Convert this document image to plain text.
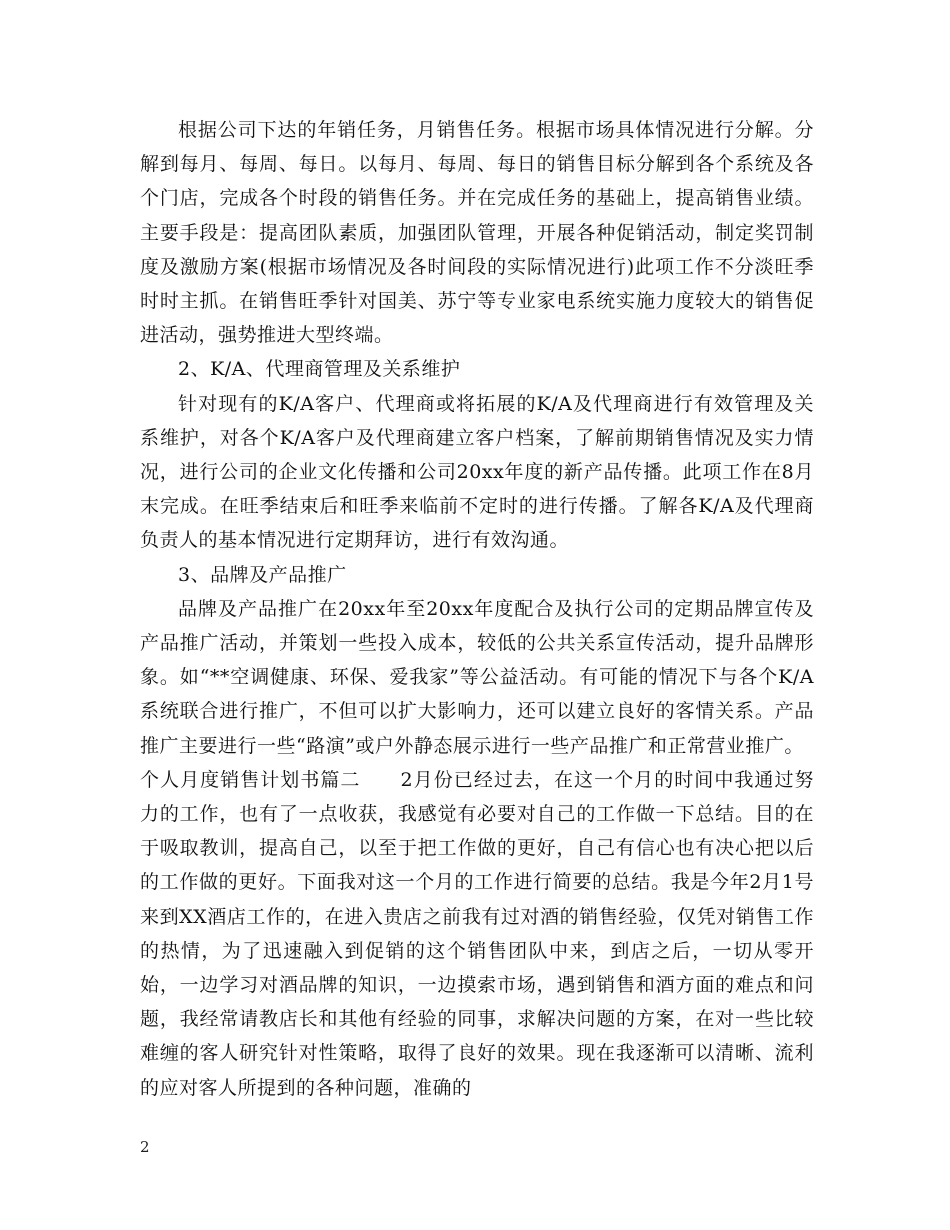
根据公司下达的年销任务，月销售任务。根据市场具体情况进行分解。分解到每月、每周、每日。以每月、每周、每日的销售目标分解到各个系统及各个门店，完成各个时段的销售任务。并在完成任务的基础上，提高销售业绩。主要手段是：提高团队素质，加强团队管理，开展各种促销活动，制定奖罚制度及激励方案(根据市场情况及各时间段的实际情况进行)此项工作不分淡旺季时时主抓。在销售旺季针对国美、苏宁等专业家电系统实施力度较大的销售促进活动，强势推进大型终端。

2、K/A、代理商管理及关系维护

针对现有的K/A客户、代理商或将拓展的K/A及代理商进行有效管理及关系维护，对各个K/A客户及代理商建立客户档案，了解前期销售情况及实力情况，进行公司的企业文化传播和公司20xx年度的新产品传播。此项工作在8月末完成。在旺季结束后和旺季来临前不定时的进行传播。了解各K/A及代理商负责人的基本情况进行定期拜访，进行有效沟通。

3、品牌及产品推广

品牌及产品推广在20xx年至20xx年度配合及执行公司的定期品牌宣传及产品推广活动，并策划一些投入成本，较低的公共关系宣传活动，提升品牌形象。如“**空调健康、环保、爱我家”等公益活动。有可能的情况下与各个K/A系统联合进行推广，不但可以扩大影响力，还可以建立良好的客情关系。产品推广主要进行一些“路演”或户外静态展示进行一些产品推广和正常营业推广。

个人月度销售计划书篇二　　2月份已经过去，在这一个月的时间中我通过努力的工作，也有了一点收获，我感觉有必要对自己的工作做一下总结。目的在于吸取教训，提高自己，以至于把工作做的更好，自己有信心也有决心把以后的工作做的更好。下面我对这一个月的工作进行简要的总结。我是今年2月1号来到XX酒店工作的，在进入贵店之前我有过对酒的销售经验，仅凭对销售工作的热情，为了迅速融入到促销的这个销售团队中来，到店之后，一切从零开始，一边学习对酒品牌的知识，一边摸索市场，遇到销售和酒方面的难点和问题，我经常请教店长和其他有经验的同事，求解决问题的方案，在对一些比较难缠的客人研究针对性策略，取得了良好的效果。现在我逐渐可以清晰、流利的应对客人所提到的各种问题，准确的

2
